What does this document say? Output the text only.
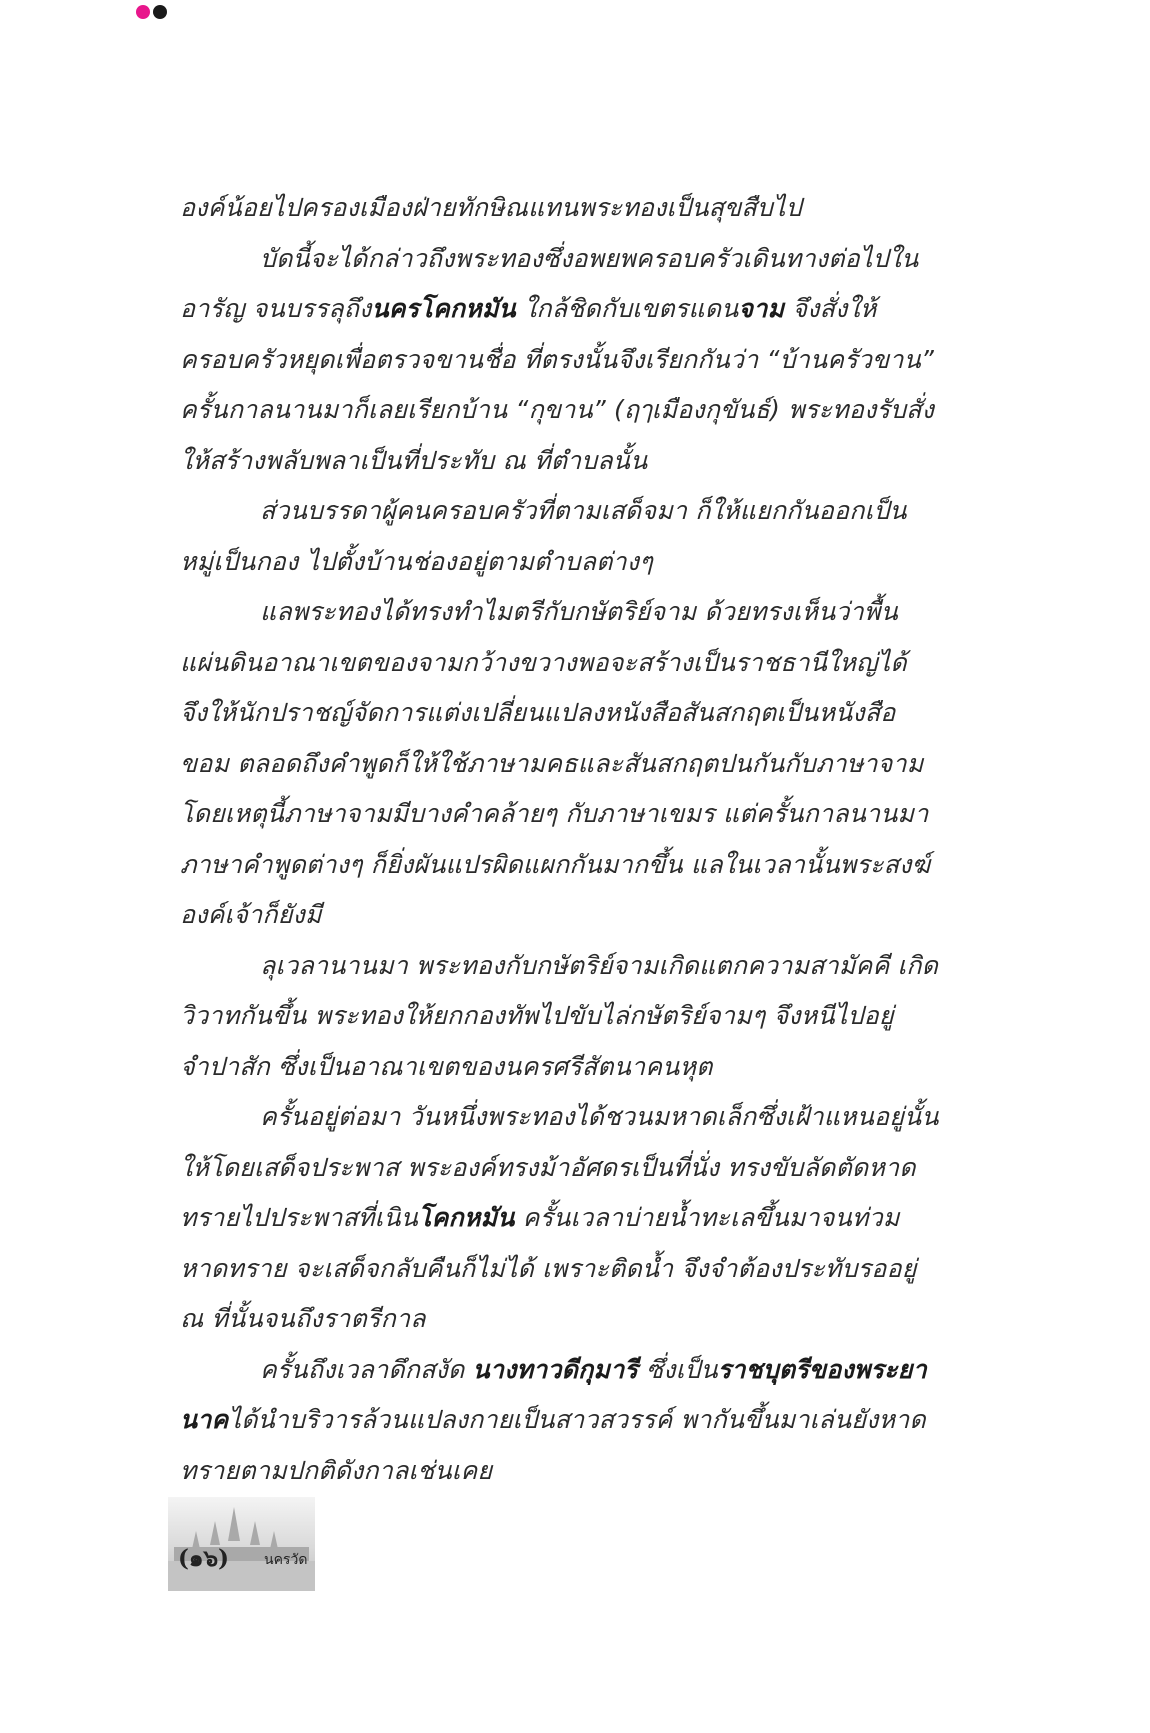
องค์น้อยไปครองเมืองฝ่ายทักษิณแทนพระทองเป็นสุขสืบไป

บัดนี้จะได้กล่าวถึงพระทองซึ่งอพยพครอบครัวเดินทางต่อไปในอารัญ จนบรรลุถึงนครโคกหมัน ใกล้ชิดกับเขตรแดนจาม จึงสั่งให้ครอบครัวหยุดเพื่อตรวจขานชื่อ ที่ตรงนั้นจึงเรียกกันว่า “บ้านครัวขาน” ครั้นกาลนานมาก็เลยเรียกบ้าน “กุขาน” (ฤๅเมืองกุขันธ์) พระทองรับสั่งให้สร้างพลับพลาเป็นที่ประทับ ณ ที่ตำบลนั้น

ส่วนบรรดาผู้คนครอบครัวที่ตามเสด็จมา ก็ให้แยกกันออกเป็นหมู่เป็นกอง ไปตั้งบ้านช่องอยู่ตามตำบลต่างๆ

แลพระทองได้ทรงทำไมตรีกับกษัตริย์จาม ด้วยทรงเห็นว่าพื้นแผ่นดินอาณาเขตของจามกว้างขวางพอจะสร้างเป็นราชธานีใหญ่ได้ จึงให้นักปราชญ์จัดการแต่งเปลี่ยนแปลงหนังสือสันสกฤตเป็นหนังสือขอม ตลอดถึงคำพูดก็ให้ใช้ภาษามคธและสันสกฤตปนกันกับภาษาจาม โดยเหตุนี้ภาษาจามมีบางคำคล้ายๆ กับภาษาเขมร แต่ครั้นกาลนานมาภาษาคำพูดต่างๆ ก็ยิ่งผันแปรผิดแผกกันมากขึ้น แลในเวลานั้นพระสงฆ์องค์เจ้าก็ยังมี

ลุเวลานานมา พระทองกับกษัตริย์จามเกิดแตกความสามัคคี เกิดวิวาทกันขึ้น พระทองให้ยกกองทัพไปขับไล่กษัตริย์จามๆ จึงหนีไปอยู่จำปาสัก ซึ่งเป็นอาณาเขตของนครศรีสัตนาคนหุต

ครั้นอยู่ต่อมา วันหนึ่งพระทองได้ชวนมหาดเล็กซึ่งเฝ้าแหนอยู่นั้นให้โดยเสด็จประพาส พระองค์ทรงม้าอัศดรเป็นที่นั่ง ทรงขับลัดตัดหาดทรายไปประพาสที่เนินโคกหมัน ครั้นเวลาบ่ายน้ำทะเลขึ้นมาจนท่วมหาดทราย จะเสด็จกลับคืนก็ไม่ได้ เพราะติดน้ำ จึงจำต้องประทับรออยู่ ณ ที่นั้นจนถึงราตรีกาล

ครั้นถึงเวลาดึกสงัด นางทาวดีกุมารี ซึ่งเป็นราชบุตรีของพระยานาคได้นำบริวารล้วนแปลงกายเป็นสาวสวรรค์ พากันขึ้นมาเล่นยังหาดทรายตามปกติดังกาลเช่นเคย

(๑๖)	นครวัด
